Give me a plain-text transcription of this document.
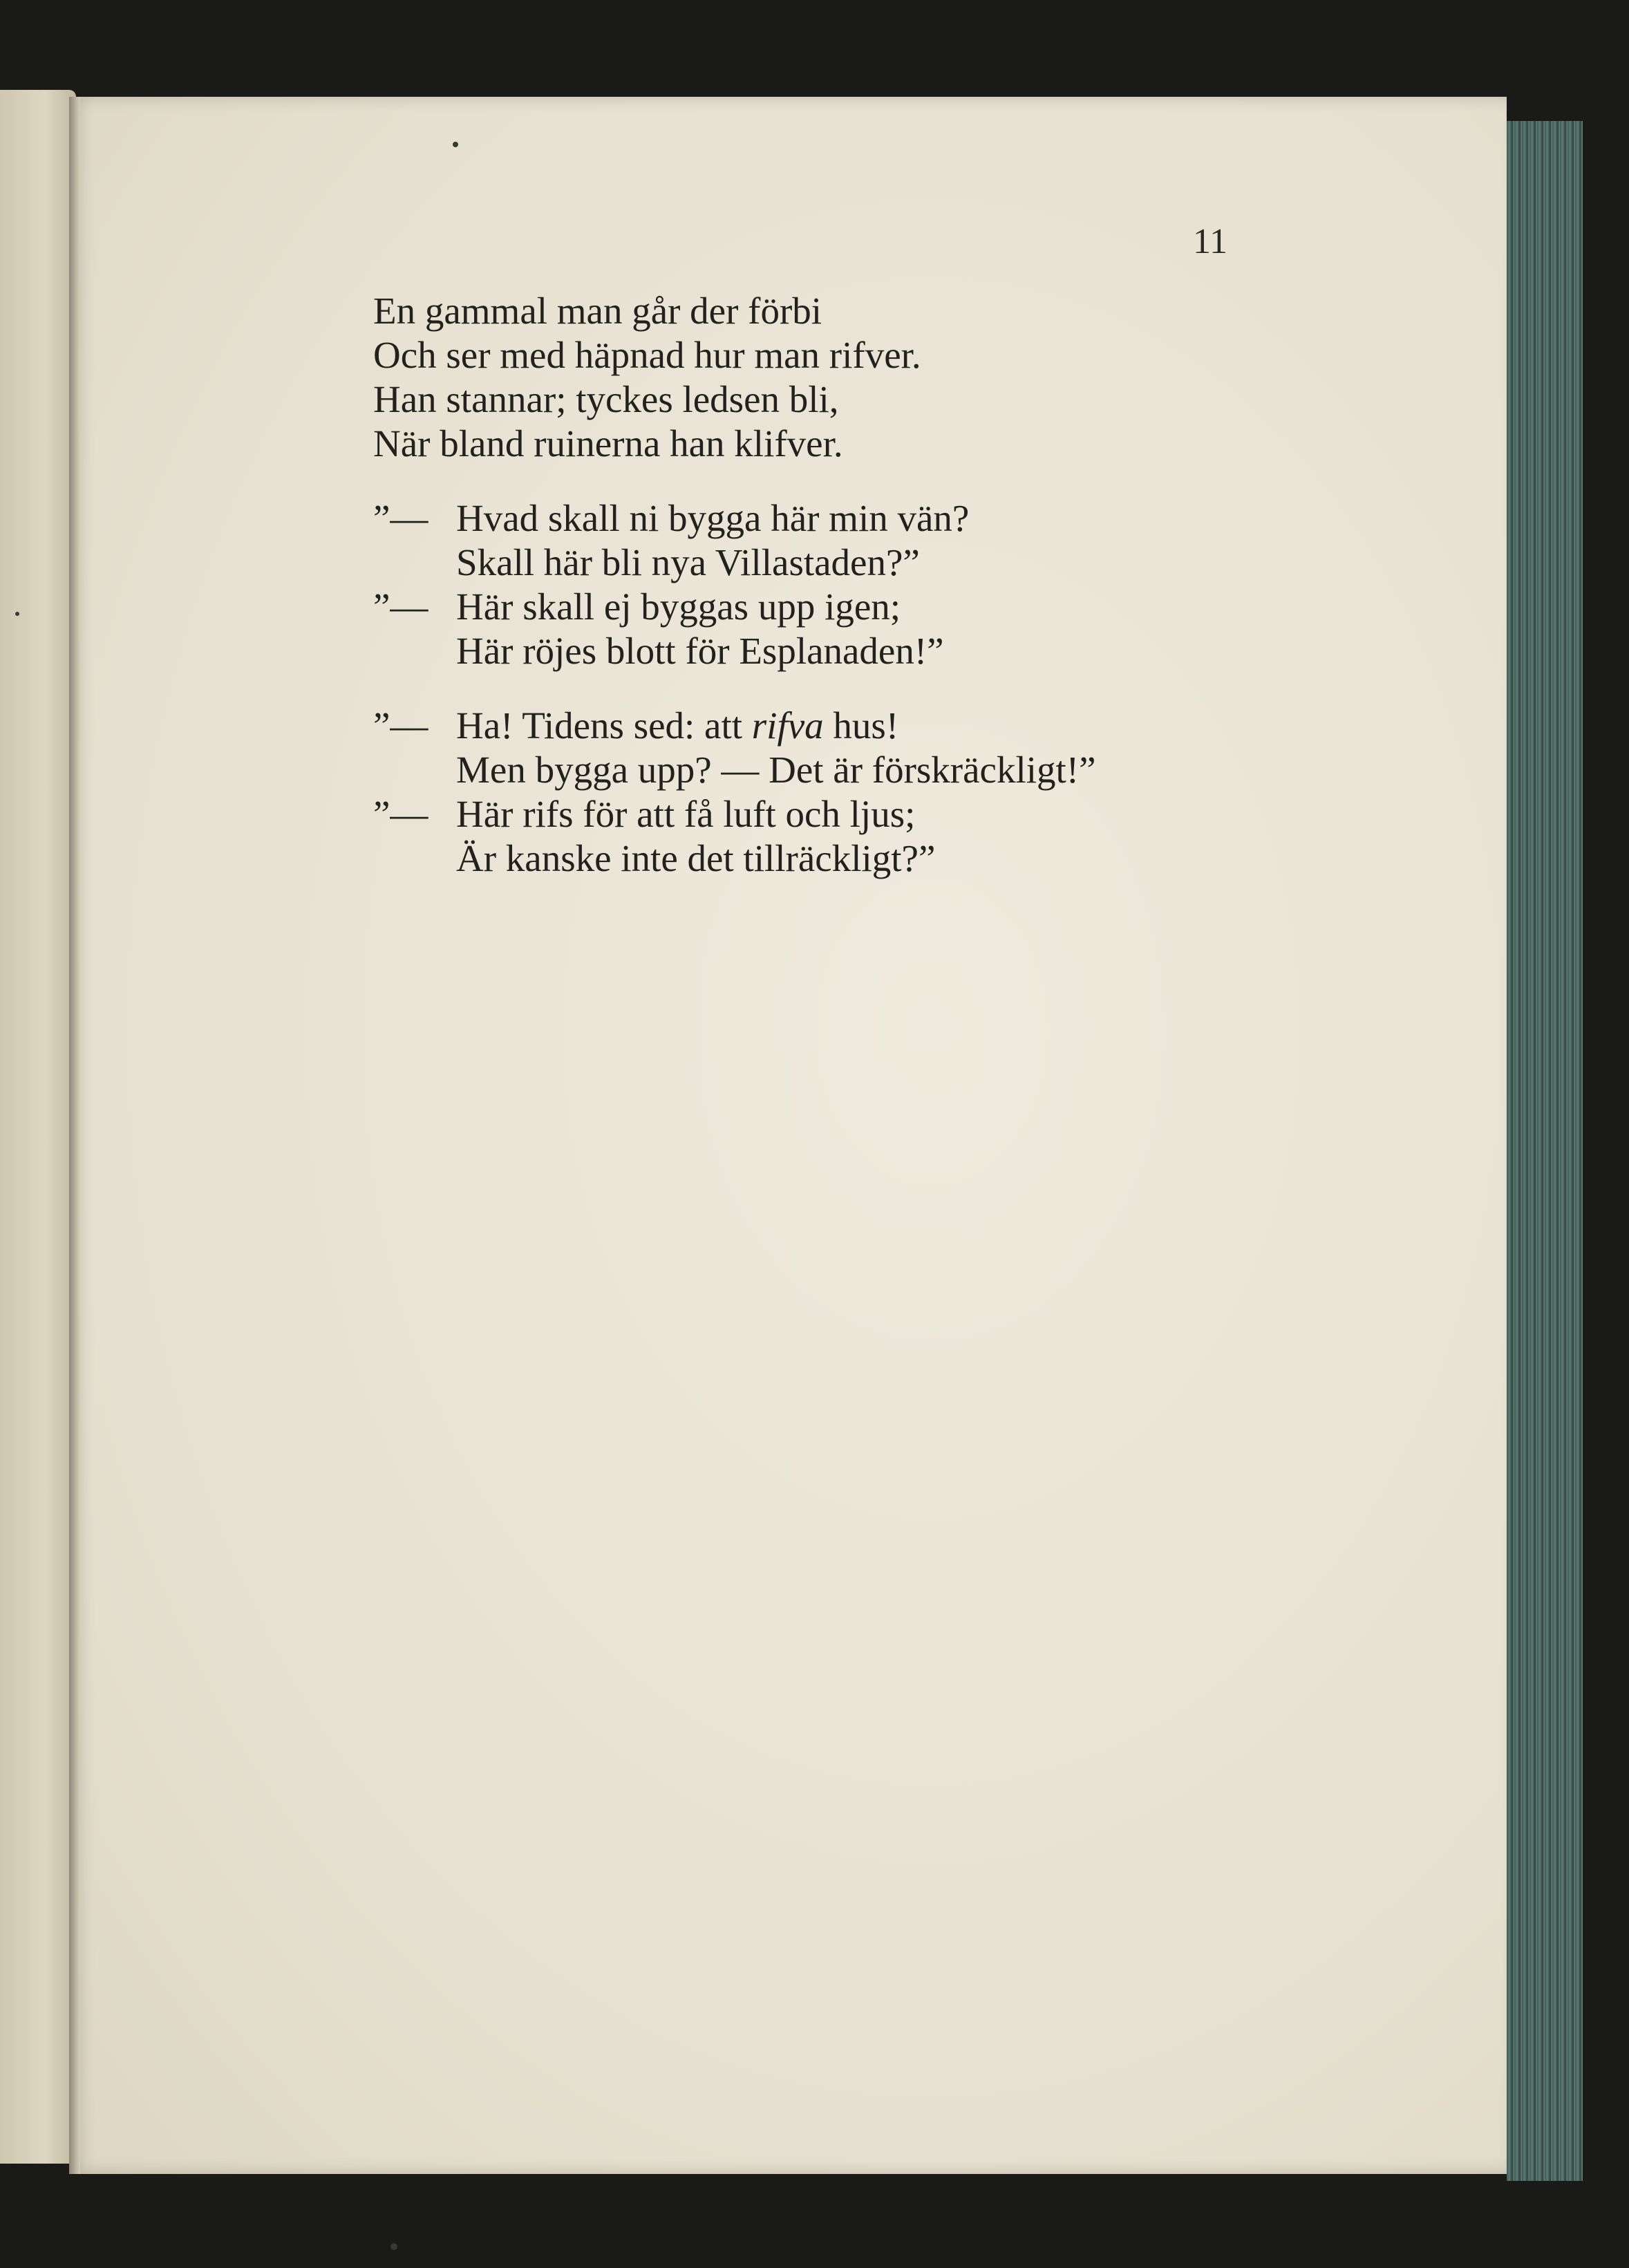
11
En gammal man går der förbi
Och ser med häpnad hur man rifver.
Han stannar; tyckes ledsen bli,
När bland ruinerna han klifver.
”— Hvad skall ni bygga här min vän?
Skall här bli nya Villastaden?”
”— Här skall ej byggas upp igen;
Här röjes blott för Esplanaden!”
”— Ha! Tidens sed: att rifva hus!
Men bygga upp? — Det är förskräckligt!”
”— Här rifs för att få luft och ljus;
Är kanske inte det tillräckligt?”
